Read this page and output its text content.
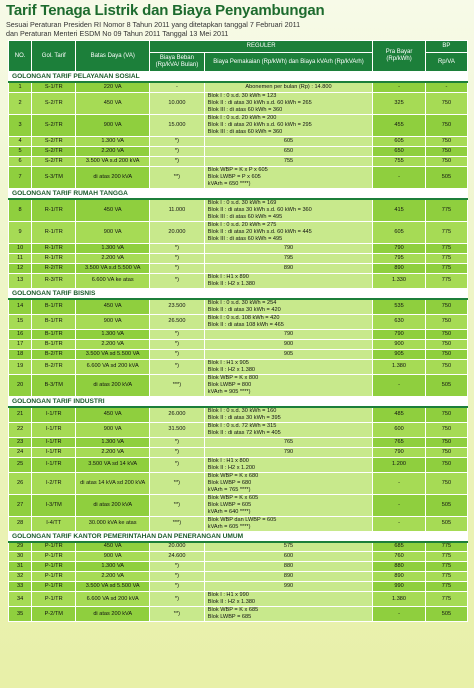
Tarif Tenaga Listrik dan Biaya Penyambungan
Sesuai Peraturan Presiden RI Nomor 8 Tahun 2011 yang ditetapkan tanggal 7 Februari 2011
dan Peraturan Menteri ESDM No 09 Tahun 2011 Tanggal 13 Mei 2011
NO.	Gol. Tarif	Batas Daya (VA)	REGULER		Pra Bayar (Rp/kWh)	BP
			Biaya Beban (Rp/kVA/ Bulan)	Biaya Pemakaian (Rp/kWh) dan Biaya kVArh (Rp/kVArh)		Rp/VA
GOLONGAN TARIF PELAYANAN SOSIAL						
1	S-1/TR	220 VA	-	Abonemen per bulan (Rp) : 14.800	-	-
2	S-2/TR	450 VA	10.000	Blok I : 0 s.d. 30 kWh = 123
Blok II : di atas 30 kWh s.d. 60 kWh = 265
Blok III : di atas 60 kWh = 360	325	750
3	S-2/TR	900 VA	15.000	Blok I : 0 s.d. 20 kWh = 200
Blok II : di atas 20 kWh s.d. 60 kWh = 295
Blok III : di atas 60 kWh = 360	455	750
4	S-2/TR	1.300 VA	*)	605	605	750
5	S-2/TR	2.200 VA	*)	650	650	750
6	S-2/TR	3.500 VA s.d 200 kVA	*)	755	755	750
7	S-3/TM	di atas 200 kVA	**)	Blok WBP = K x P x 605
Blok LWBP = P x 605
kVArh = 650 ****)	-	505
GOLONGAN TARIF RUMAH TANGGA						
8	R-1/TR	450 VA	11.000	Blok I : 0 s.d. 30 kWh = 169
Blok II : di atas 30 kWh s.d. 60 kWh = 360
Blok III : di atas 60 kWh = 495	415	775
9	R-1/TR	900 VA	20.000	Blok I : 0 s.d. 20 kWh = 275
Blok II : di atas 20 kWh s.d. 60 kWh = 445
Blok III : di atas 60 kWh = 495	605	775
10	R-1/TR	1.300 VA	*)	790	790	775
11	R-1/TR	2.200 VA	*)	795	795	775
12	R-2/TR	3.500 VA s.d 5.500 VA	*)	890	890	775
13	R-3/TR	6.600 VA ke atas	*)	Blok I : H1 x 890
Blok II : H2 x 1.380	1.330	775
GOLONGAN TARIF BISNIS						
14	B-1/TR	450 VA	23.500	Blok I : 0 s.d. 30 kWh = 254
Blok II : di atas 30 kWh = 420	535	750
15	B-1/TR	900 VA	26.500	Blok I : 0 s.d. 108 kWh = 420
Blok II : di atas 108 kWh = 465	630	750
16	B-1/TR	1.300 VA	*)	790	790	750
17	B-1/TR	2.200 VA	*)	900	900	750
18	B-2/TR	3.500 VA sd 5.500 VA	*)	905	905	750
19	B-2/TR	6.600 VA sd 200 kVA	*)	Blok I : H1 x 905
Blok II : H2 x 1.380	1.380	750
20	B-3/TM	di atas 200 kVA	***)	Blok WBP = K x 800
Blok LWBP = 800
kVArh = 905 ****)	-	505
GOLONGAN TARIF INDUSTRI						
21	I-1/TR	450 VA	26.000	Blok I : 0 s.d. 30 kWh = 160
Blok II : di atas 30 kWh = 395	485	750
22	I-1/TR	900 VA	31.500	Blok I : 0 s.d. 72 kWh = 315
Blok II : di atas 72 kWh = 405	600	750
23	I-1/TR	1.300 VA	*)	765	765	750
24	I-1/TR	2.200 VA	*)	790	790	750
25	I-1/TR	3.500 VA sd 14 kVA	*)	Blok I : H1 x 800
Blok II : H2 x 1.200	1.200	750
26	I-2/TR	di atas 14 kVA sd 200 kVA	**)	Blok WBP = K x 680
Blok LWBP = 680
kVArh = 765 ****)	-	750
27	I-3/TM	di atas 200 kVA	**)	Blok WBP = K x 605
Blok LWBP = 605
kVArh = 640 ****)	-	505
28	I-4/TT	30.000 kVA ke atas	***)	Blok WBP dan LWBP = 605
kVArh = 605 ****)	-	505
GOLONGAN TARIF KANTOR PEMERINTAHAN DAN PENERANGAN UMUM						
29	P-1/TR	450 VA	20.000	575	685	775
30	P-1/TR	900 VA	24.600	600	760	775
31	P-1/TR	1.300 VA	*)	880	880	775
32	P-1/TR	2.200 VA	*)	890	890	775
33	P-1/TR	3.500 VA sd 5.500 VA	*)	990	990	775
34	P-1/TR	6.600 VA sd 200 kVA	*)	Blok I : H1 x 990
Blok II : H2 x 1.380	1.380	775
35	P-2/TM	di atas 200 kVA	**)	Blok WBP = K x 685
Blok LWBP = 685	-	505
